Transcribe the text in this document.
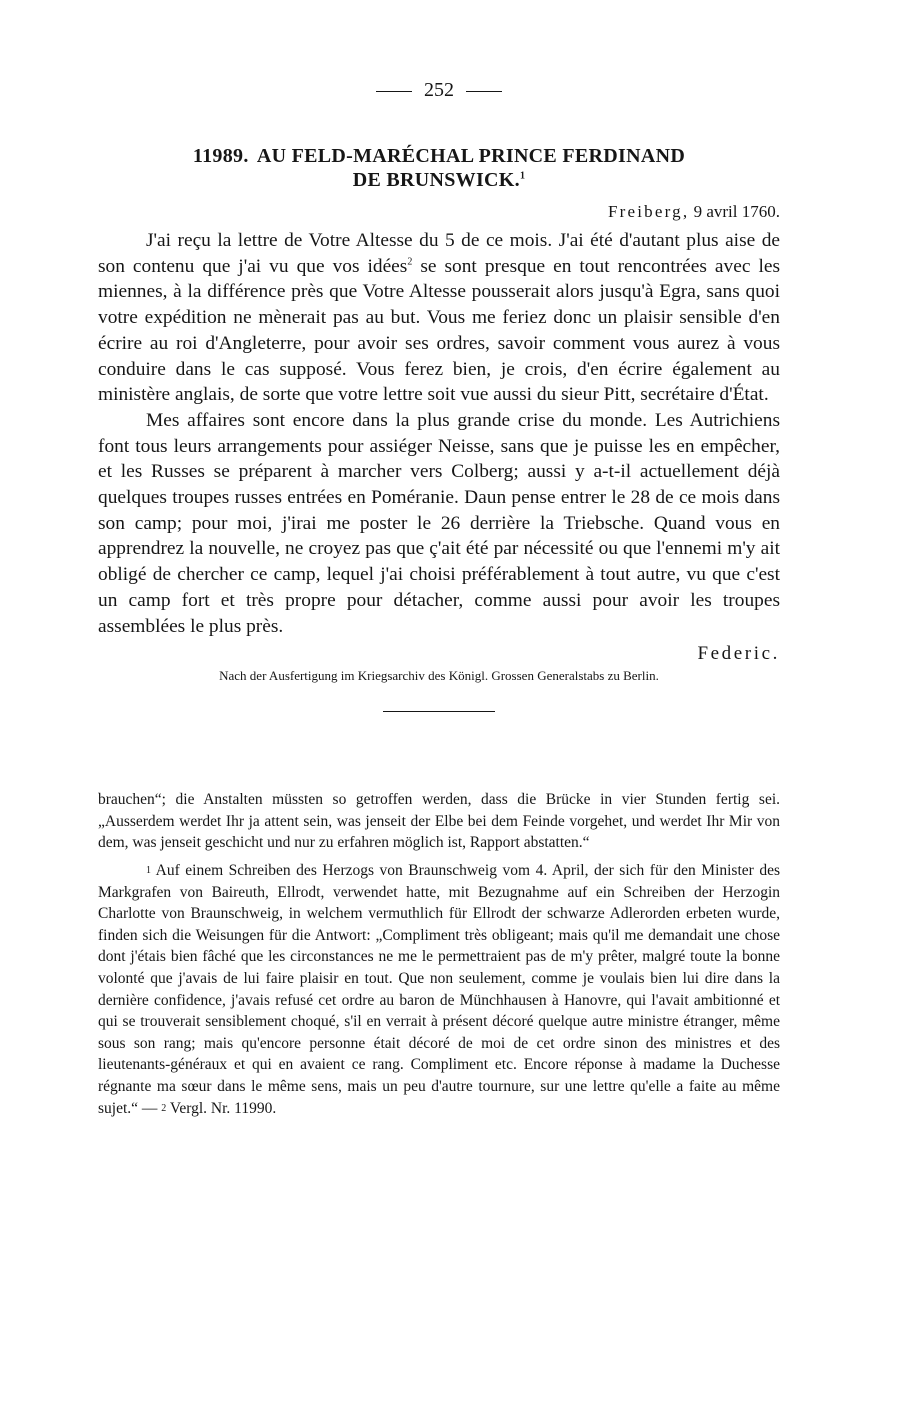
252
11989. AU FELD-MARÉCHAL PRINCE FERDINAND
DE BRUNSWICK.$^1$
Freiberg, 9 avril 1760.

J'ai reçu la lettre de Votre Altesse du 5 de ce mois. J'ai été d'autant plus aise de son contenu que j'ai vu que vos idées$^2$ se sont presque en tout rencontrées avec les miennes, à la différence près que Votre Altesse pousserait alors jusqu'à Egra, sans quoi votre expédition ne mènerait pas au but. Vous me feriez donc un plaisir sensible d'en écrire au roi d'Angleterre, pour avoir ses ordres, savoir comment vous aurez à vous conduire dans le cas supposé. Vous ferez bien, je crois, d'en écrire également au ministère anglais, de sorte que votre lettre soit vue aussi du sieur Pitt, secrétaire d'État.

Mes affaires sont encore dans la plus grande crise du monde. Les Autrichiens font tous leurs arrangements pour assiéger Neisse, sans que je puisse les en empêcher, et les Russes se préparent à marcher vers Colberg; aussi y a-t-il actuellement déjà quelques troupes russes entrées en Poméranie. Daun pense entrer le 28 de ce mois dans son camp; pour moi, j'irai me poster le 26 derrière la Triebsche. Quand vous en apprendrez la nouvelle, ne croyez pas que ç'ait été par nécessité ou que l'ennemi m'y ait obligé de chercher ce camp, lequel j'ai choisi préférablement à tout autre, vu que c'est un camp fort et très propre pour détacher, comme aussi pour avoir les troupes assemblées le plus près.

Federic.

Nach der Ausfertigung im Kriegsarchiv des Königl. Grossen Generalstabs zu Berlin.

brauchen“; die Anstalten müssten so getroffen werden, dass die Brücke in vier Stunden fertig sei. „Ausserdem werdet Ihr ja attent sein, was jenseit der Elbe bei dem Feinde vorgehet, und werdet Ihr Mir von dem, was jenseit geschicht und nur zu erfahren möglich ist, Rapport abstatten.“

1 Auf einem Schreiben des Herzogs von Braunschweig vom 4. April, der sich für den Minister des Markgrafen von Baireuth, Ellrodt, verwendet hatte, mit Bezugnahme auf ein Schreiben der Herzogin Charlotte von Braunschweig, in welchem vermuthlich für Ellrodt der schwarze Adlerorden erbeten wurde, finden sich die Weisungen für die Antwort: „Compliment très obligeant; mais qu'il me demandait une chose dont j'étais bien fâché que les circonstances ne me le permettraient pas de m'y prêter, malgré toute la bonne volonté que j'avais de lui faire plaisir en tout. Que non seulement, comme je voulais bien lui dire dans la dernière confidence, j'avais refusé cet ordre au baron de Münchhausen à Hanovre, qui l'avait ambitionné et qui se trouverait sensiblement choqué, s'il en verrait à présent décoré quelque autre ministre étranger, même sous son rang; mais qu'encore personne était décoré de moi de cet ordre sinon des ministres et des lieutenants-généraux et qui en avaient ce rang. Compliment etc. Encore réponse à madame la Duchesse régnante ma sœur dans le même sens, mais un peu d'autre tournure, sur une lettre qu'elle a faite au même sujet.“ — 2 Vergl. Nr. 11990.
